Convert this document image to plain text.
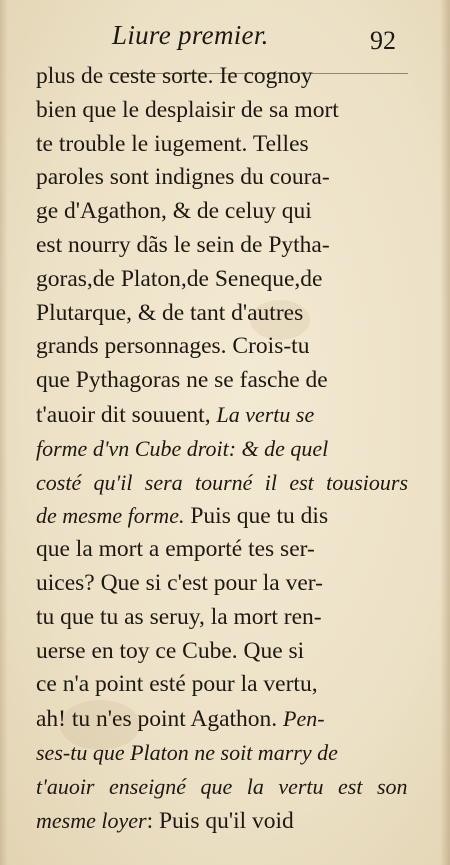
Liure premier.	92
plus de ceste sorte. Ie cognoy
bien que le desplaisir de sa mort
te trouble le iugement. Telles
paroles sont indignes du coura-
ge d'Agathon, & de celuy qui
est nourry dãs le sein de Pytha-
goras,de Platon,de Seneque,de
Plutarque, & de tant d'autres
grands personnages. Crois-tu
que Pythagoras ne se fasche de
t'auoir dit souuent, La vertu se
forme d'vn Cube droit: & de quel
costé qu'il sera tourné il est tousiours
de mesme forme. Puis que tu dis
que la mort a emporté tes ser-
uices? Que si c'est pour la ver-
tu que tu as seruy, la mort ren-
uerse en toy ce Cube. Que si
ce n'a point esté pour la vertu,
ah! tu n'es point Agathon. Pen-
ses-tu que Platon ne soit marry de
t'auoir enseigné que la vertu est son
mesme loyer: Puis qu'il void
